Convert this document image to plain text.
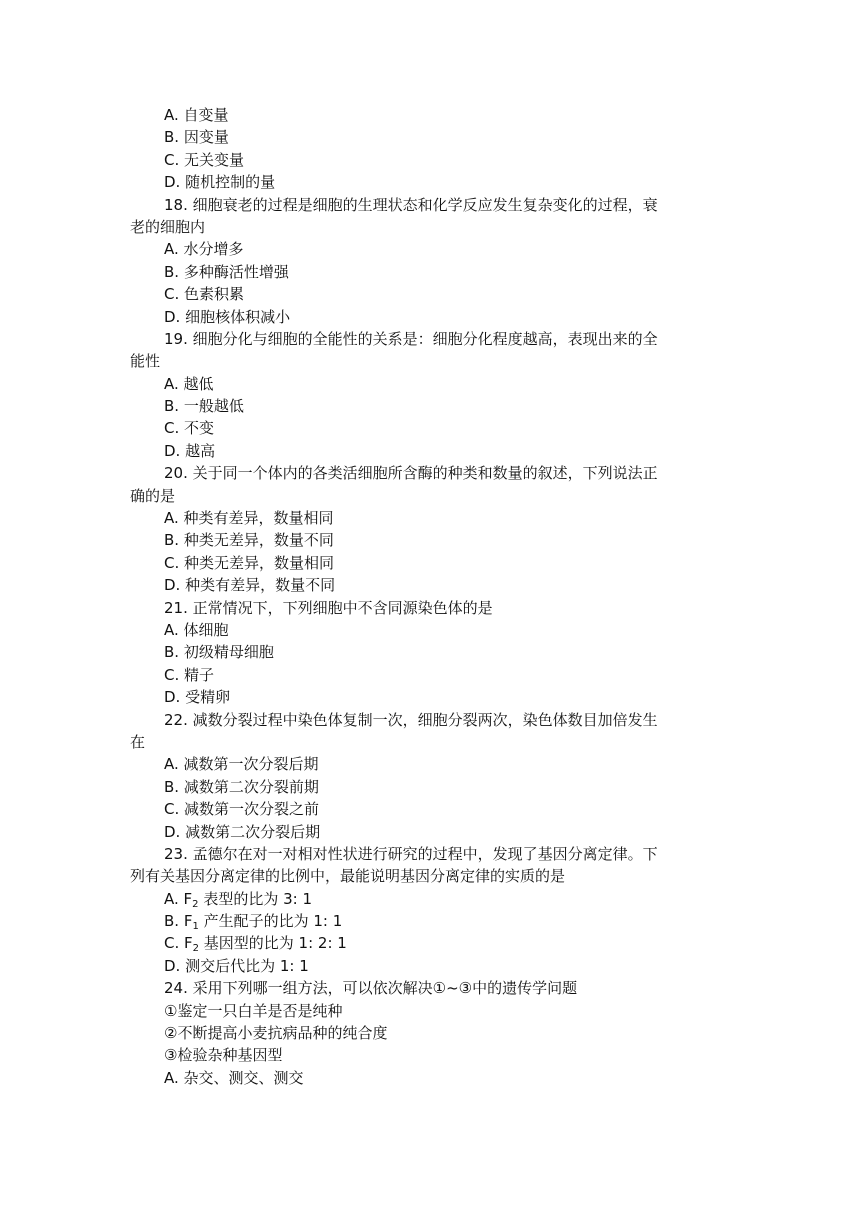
A. 自变量
B. 因变量
C. 无关变量
D. 随机控制的量
18. 细胞衰老的过程是细胞的生理状态和化学反应发生复杂变化的过程，衰
老的细胞内
A. 水分增多
B. 多种酶活性增强
C. 色素积累
D. 细胞核体积减小
19. 细胞分化与细胞的全能性的关系是：细胞分化程度越高，表现出来的全
能性
A. 越低
B. 一般越低
C. 不变
D. 越高
20. 关于同一个体内的各类活细胞所含酶的种类和数量的叙述，下列说法正
确的是
A. 种类有差异，数量相同
B. 种类无差异，数量不同
C. 种类无差异，数量相同
D. 种类有差异，数量不同
21. 正常情况下，下列细胞中不含同源染色体的是
A. 体细胞
B. 初级精母细胞
C. 精子
D. 受精卵
22. 减数分裂过程中染色体复制一次，细胞分裂两次，染色体数目加倍发生
在
A. 减数第一次分裂后期
B. 减数第二次分裂前期
C. 减数第一次分裂之前
D. 减数第二次分裂后期
23. 孟德尔在对一对相对性状进行研究的过程中，发现了基因分离定律。下
列有关基因分离定律的比例中，最能说明基因分离定律的实质的是
A. $F_2$ 表型的比为 3: 1
B. $F_1$ 产生配子的比为 1: 1
C. $F_2$ 基因型的比为 1: 2: 1
D. 测交后代比为 1: 1
24. 采用下列哪一组方法，可以依次解决①~③中的遗传学问题
①鉴定一只白羊是否是纯种
②不断提高小麦抗病品种的纯合度
③检验杂种基因型
A. 杂交、测交、测交
